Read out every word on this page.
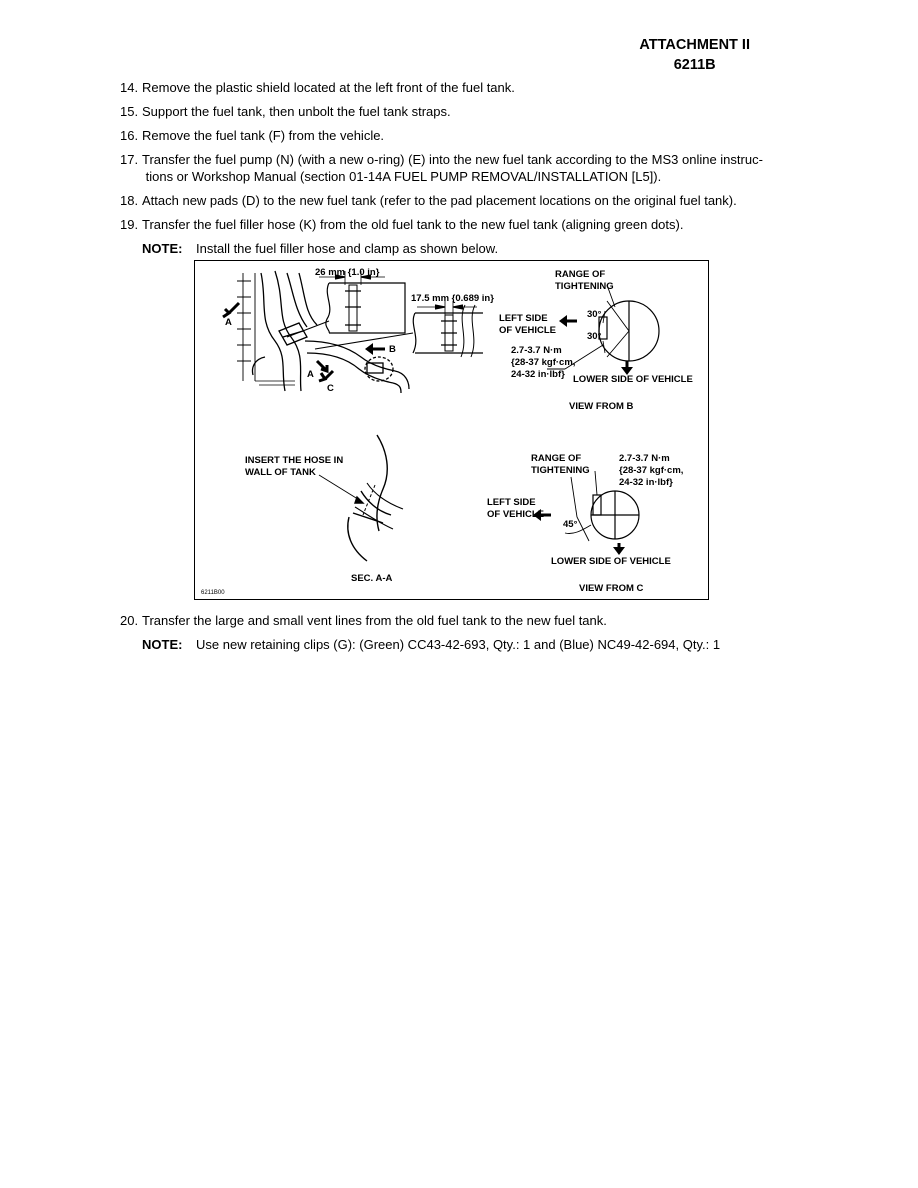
ATTACHMENT II
6211B
14. Remove the plastic shield located at the left front of the fuel tank.
15. Support the fuel tank, then unbolt the fuel tank straps.
16. Remove the fuel tank (F) from the vehicle.
17. Transfer the fuel pump (N) (with a new o-ring) (E) into the new fuel tank according to the MS3 online instruc- tions or Workshop Manual (section 01-14A FUEL PUMP REMOVAL/INSTALLATION [L5]).
18. Attach new pads (D) to the new fuel tank (refer to the pad placement locations on the original fuel tank).
19. Transfer the fuel filler hose (K) from the old fuel tank to the new fuel tank (aligning green dots).
NOTE: Install the fuel filler hose and clamp as shown below.
26 mm {1.0 in}
17.5 mm {0.689 in}
A
A
B
C
RANGE OF
TIGHTENING
30°
30°
LEFT SIDE
OF VEHICLE
2.7-3.7 N·m
{28-37 kgf·cm,
24-32 in·lbf} LOWER SIDE OF VEHICLE
VIEW FROM B
INSERT THE HOSE IN
WALL OF TANK
SEC. A-A
RANGE OF
TIGHTENING
2.7-3.7 N·m
{28-37 kgf·cm,
24-32 in·lbf}
LEFT SIDE
OF VEHICLE
45°
LOWER SIDE OF VEHICLE
VIEW FROM C
6211B00
20. Transfer the large and small vent lines from the old fuel tank to the new fuel tank.
NOTE: Use new retaining clips (G): (Green) CC43-42-693, Qty.: 1 and (Blue) NC49-42-694, Qty.: 1
